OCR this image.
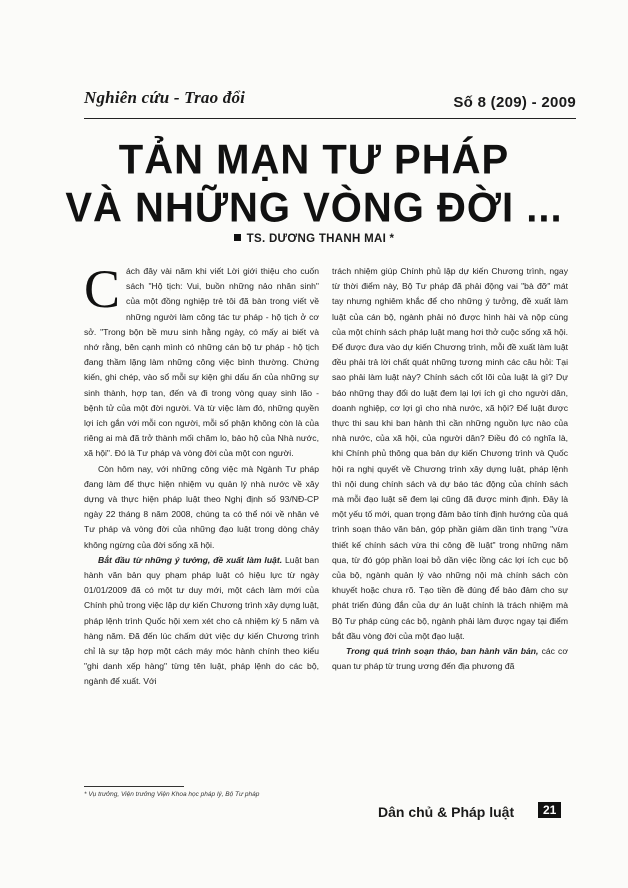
Nghiên cứu - Trao đổi	Số 8 (209) - 2009
TẢN MẠN TƯ PHÁP
VÀ NHỮNG VÒNG ĐỜI ...
TS. DƯƠNG THANH MAI *

Cách đây vài năm khi viết Lời giới thiệu cho cuốn sách "Hộ tịch: Vui, buồn những nảo nhân sinh" của một đồng nghiệp trẻ tôi đã bàn trong viết về những người làm công tác tư pháp - hộ tịch ở cơ sở. "Trong bộn bề mưu sinh hằng ngày, có mấy ai biết và nhớ rằng, bên cạnh mình có những cán bộ tư pháp - hộ tịch đang thầm lặng làm những công việc bình thường. Chứng kiến, ghi chép, vào sổ mỗi sự kiện ghi dấu ấn của những sự sinh thành, hợp tan, đến và đi trong vòng quay sinh lão - bệnh tử của một đời người. Và từ việc làm đó, những quyền lợi ích gắn với mỗi con người, mỗi số phận không còn là của riêng ai mà đã trở thành mối chăm lo, bảo hộ của Nhà nước, xã hội". Đó là Tư pháp và vòng đời của một con người.

Còn hôm nay, với những công việc mà Ngành Tư pháp đang làm để thực hiện nhiệm vụ quản lý nhà nước về xây dựng và thực hiện pháp luật theo Nghị định số 93/NĐ-CP ngày 22 tháng 8 năm 2008, chúng ta có thể nói về nhân vẻ Tư pháp và vòng đời của những đạo luật trong dòng chảy không ngừng của đời sống xã hội.

Bắt đầu từ những ý tưởng, đề xuất làm luật. Luật ban hành văn bản quy phạm pháp luật có hiệu lực từ ngày 01/01/2009 đã có một tư duy mới, một cách làm mới của Chính phủ trong việc lập dự kiến Chương trình xây dựng luật, pháp lệnh trình Quốc hội xem xét cho cả nhiệm kỳ 5 năm và hàng năm. Đã đến lúc chấm dứt việc dự kiến Chương trình chỉ là sự tập hợp một cách máy móc hành chính theo kiểu "ghi danh xếp hàng" từng tên luật, pháp lệnh do các bộ, ngành để xuất. Với

trách nhiệm giúp Chính phủ lập dự kiến Chương trình, ngay từ thời điểm này, Bộ Tư pháp đã phải động vai "bà đỡ" mát tay nhưng nghiêm khắc để cho những ý tưởng, đề xuất làm luật của cán bộ, ngành phải nó được hình hài và nộp cùng của một chính sách pháp luật mang hơi thở cuộc sống xã hội. Để được đưa vào dự kiến Chương trình, mỗi đề xuất làm luật đều phải trả lời chất quát những tương minh các câu hỏi: Tại sao phải làm luật này? Chính sách cốt lõi của luật là gì? Dự báo những thay đổi do luật đem lại lợi ích gì cho người dân, doanh nghiệp, cơ lợi gì cho nhà nước, xã hội? Để luật được thực thi sau khi ban hành thì cần những nguồn lực nào của nhà nước, của xã hội, của người dân? Điều đó có nghĩa là, khi Chính phủ thông qua bản dự kiến Chương trình và Quốc hội ra nghị quyết về Chương trình xây dựng luật, pháp lệnh thì nội dung chính sách và dự báo tác động của chính sách mà mỗi đạo luật sẽ đem lại cũng đã được minh định. Đây là một yếu tố mới, quan trọng đảm bảo tính định hướng của quá trình soạn thảo văn bản, góp phần giảm dần tình trạng "vừa thiết kế chính sách vừa thi công đề luật" trong những năm qua, từ đó góp phần loại bỏ dần việc lồng các lợi ích cục bộ của bộ, ngành quản lý vào những nội mà chính sách còn khuyết hoặc chưa rõ. Tạo tiền đề đúng để bảo đảm cho sự phát triển đúng đắn của dự án luật chính là trách nhiệm mà Bộ Tư pháp cùng các bộ, ngành phải làm được ngay tại điểm bắt đầu vòng đời của một đạo luật.

Trong quá trình soạn thảo, ban hành văn bản, các cơ quan tư pháp từ trung ương đến địa phương đã

* Vụ trưởng, Viện trưởng Viện Khoa học pháp lý, Bộ Tư pháp
Dân chủ & Pháp luật	21
